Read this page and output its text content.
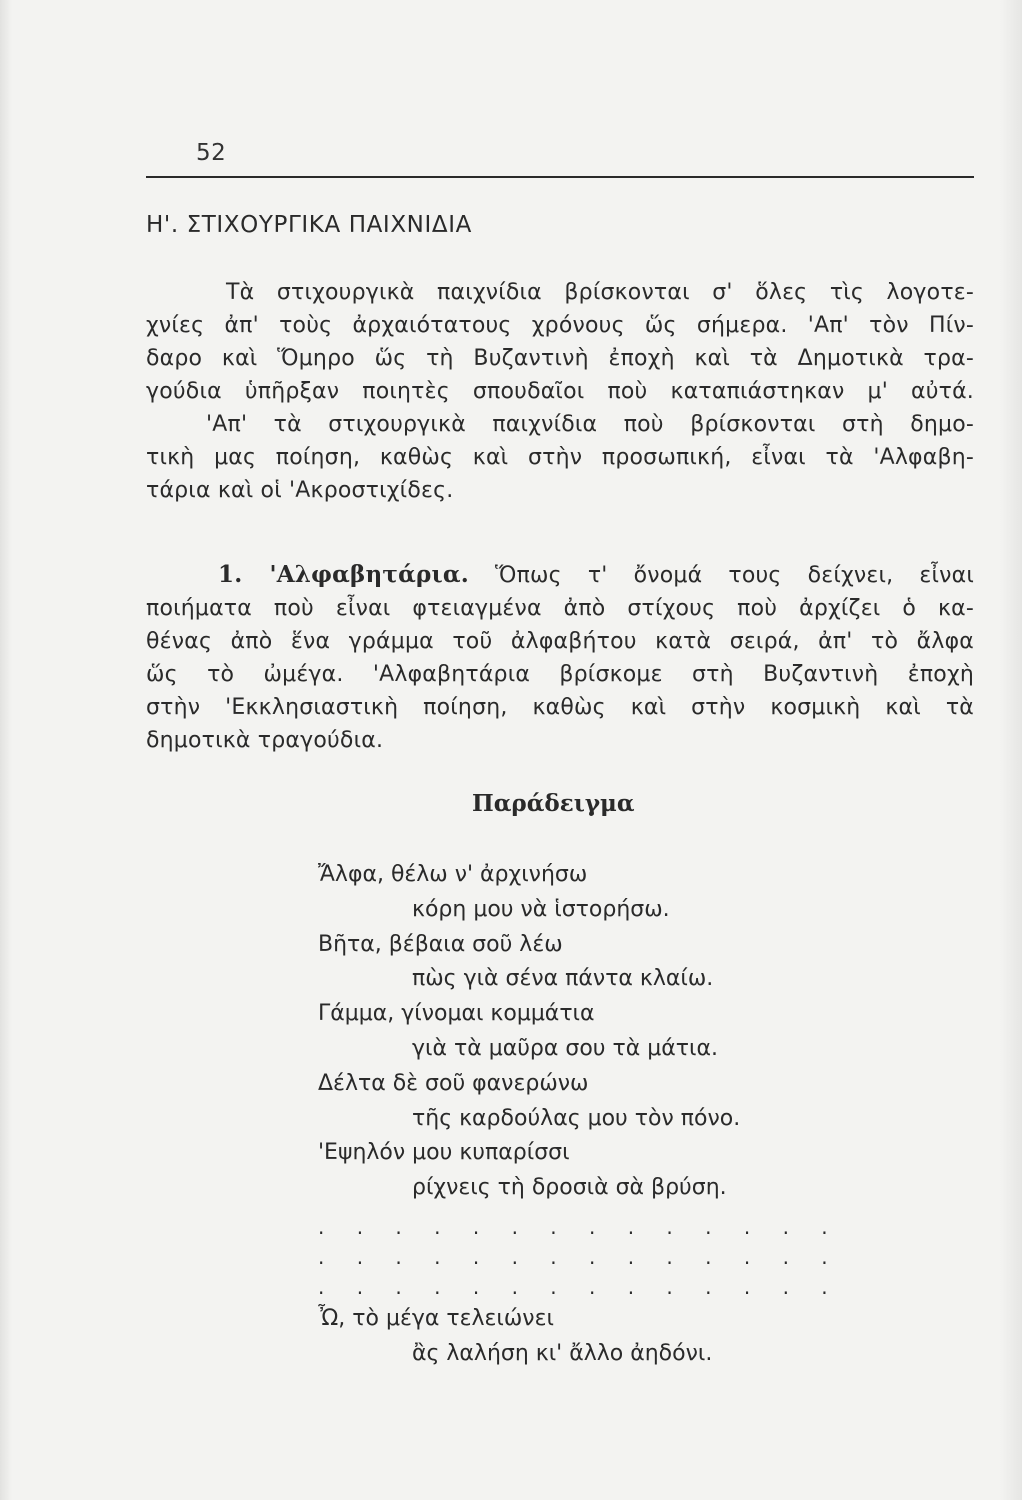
52
Η'. ΣΤΙΧΟΥΡΓΙΚΑ ΠΑΙΧΝΙΔΙΑ
Τὰ στιχουργικὰ παιχνίδια βρίσκονται σ' ὅλες τὶς λογοτε-
χνίες ἀπ' τοὺς ἀρχαιότατους χρόνους ὥς σήμερα. 'Απ' τὸν Πίν-
δαρο καὶ Ὅμηρο ὥς τὴ Βυζαντινὴ ἐποχὴ καὶ τὰ Δημοτικὰ τρα-
γούδια ὑπῆρξαν ποιητὲς σπουδαῖοι ποὺ καταπιάστηκαν μ' αὐτά.
'Απ' τὰ στιχουργικὰ παιχνίδια ποὺ βρίσκονται στὴ δημο-
τικὴ μας ποίηση, καθὼς καὶ στὴν προσωπική, εἶναι τὰ 'Αλφαβη-
τάρια καὶ οἱ 'Ακροστιχίδες.
1. 'Αλφαβητάρια. Ὅπως τ' ὄνομά τους δείχνει, εἶναι
ποιήματα ποὺ εἶναι φτειαγμένα ἀπὸ στίχους ποὺ ἀρχίζει ὁ κα-
θένας ἀπὸ ἕνα γράμμα τοῦ ἀλφαβήτου κατὰ σειρά, ἀπ' τὸ ἄλφα
ὥς τὸ ὠμέγα. 'Αλφαβητάρια βρίσκομε στὴ Βυζαντινὴ ἐποχὴ
στὴν 'Εκκλησιαστικὴ ποίηση, καθὼς καὶ στὴν κοσμικὴ καὶ τὰ
δημοτικὰ τραγούδια.
Παράδειγμα
Ἄλφα, θέλω ν' ἀρχινήσω
κόρη μου νὰ ἱστορήσω.
Βῆτα, βέβαια σοῦ λέω
πὼς γιὰ σένα πάντα κλαίω.
Γάμμα, γίνομαι κομμάτια
γιὰ τὰ μαῦρα σου τὰ μάτια.
Δέλτα δὲ σοῦ φανερώνω
τῆς καρδούλας μου τὸν πόνο.
'Εψηλόν μου κυπαρίσσι
ρίχνεις τὴ δροσιὰ σὰ βρύση.
. . . . . . . . . . . . . .
. . . . . . . . . . . . . .
. . . . . . . . . . . . . .
Ὦ, τὸ μέγα τελειώνει
ἂς λαλήση κι' ἄλλο ἀηδόνι.
